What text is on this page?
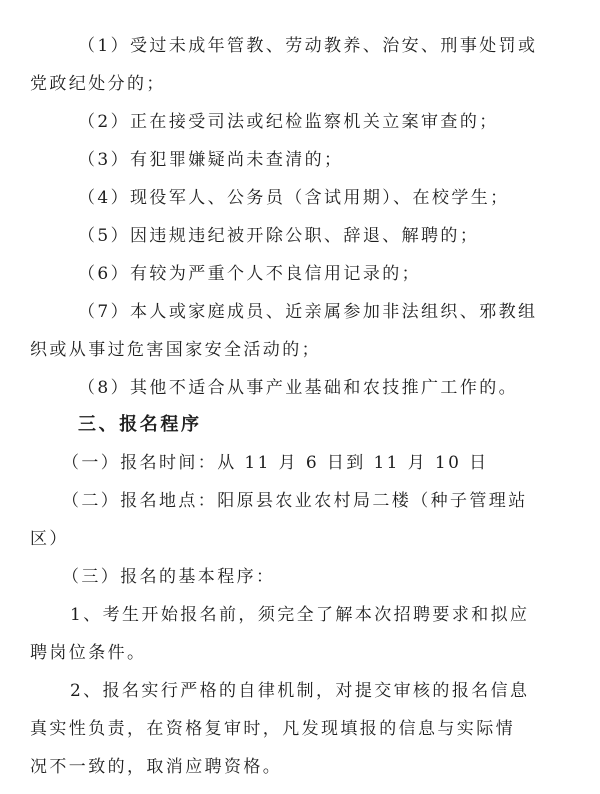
（1）受过未成年管教、劳动教养、治安、刑事处罚或
党政纪处分的；
（2）正在接受司法或纪检监察机关立案审查的；
（3）有犯罪嫌疑尚未查清的；
（4）现役军人、公务员（含试用期）、在校学生；
（5）因违规违纪被开除公职、辞退、解聘的；
（6）有较为严重个人不良信用记录的；
（7）本人或家庭成员、近亲属参加非法组织、邪教组
织或从事过危害国家安全活动的；
（8）其他不适合从事产业基础和农技推广工作的。
三、报名程序
（一）报名时间：从 11 月 6 日到 11 月 10 日
（二）报名地点：阳原县农业农村局二楼（种子管理站
区）
（三）报名的基本程序：
1、考生开始报名前，须完全了解本次招聘要求和拟应
聘岗位条件。
2、报名实行严格的自律机制，对提交审核的报名信息
真实性负责，在资格复审时，凡发现填报的信息与实际情
况不一致的，取消应聘资格。
